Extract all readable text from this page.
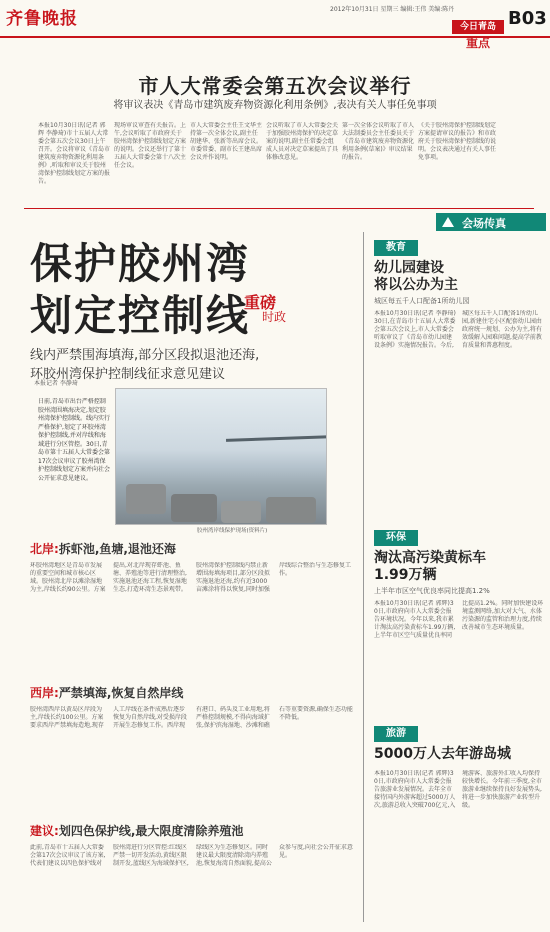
齐鲁晚报	2012年10月31日 星期三 编辑:王伟 美编:陈丹
今日青岛 B03
重点
市人大常委会第五次会议举行
将审议表决《青岛市建筑废弃物资源化利用条例》,表决有关人事任免事项
本报10月30日讯(记者 郭辉 李静琦)市十五届人大常委会第五次会议30日上午召开。会议将审议《青岛市建筑废弃物资源化利用条例》,听取和审议关于胶州湾保护控制线划定方案的报告。
现场审议审查有关报告。上午,会议听取了市政府关于胶州湾保护控制线划定方案的说明。会议还举行了第十五届人大常委会第十八次主任会议。
市人大常委会主任王文华主持第一次全体会议,副主任胡建华、张新等出席会议。市委常委、副市长王建出席会议并作说明。
会议听取了市人大常委会关于加强胶州湾保护的决定草案的说明,副主任常委会组成人员对决定草案提出了具体修改意见。
第一次全体会议听取了市人大法制委员会主任委员关于《青岛市建筑废弃物资源化利用条例(草案)》审议结果的报告。
《关于胶州湾保护控制线划定方案提请审议的报告》和市政府关于胶州湾保护控制线的说明。会议表决通过有关人事任免事项。
保护胶州湾
划定控制线
重磅
时政
线内严禁围海填海,部分区段拟退池还海,
环胶州湾保护控制线征求意见建议
本报记者 李静琦
日前,青岛市出台严格控制胶州湾围填海决定,划定胶州湾保护控制线。线内实行严格保护,划定了环胶州湾保护控制线,并对岸线和海域进行分区管控。30日,青岛市第十五届人大常委会第17次会议审议了胶州湾保护控制线划定方案并向社会公开征求意见建议。
胶州湾岸线保护现场(资料片)
北岸:拆虾池,鱼塘,退池还海
环胶州湾地区是青岛市发展的重要空间和城市核心区域。胶州湾北岸以滩涂湿地为主,岸线长约90公里。方案提出,对北岸现存虾池、鱼塘、养殖池等进行清理整治,实施退池还海工程,恢复湿地生态,打造环湾生态景观带。胶州湾保护控制线内禁止新增围海填海项目,部分区段拟实施退池还海,约有近3000亩滩涂将得以恢复,同时加强岸线综合整治与生态修复工作。
西岸:严禁填海,恢复自然岸线
胶州湾西岸以黄岛区岸段为主,岸线长约100公里。方案要求西岸严禁填海造地,现存人工岸线在条件成熟后逐步恢复为自然岸线,对受损岸段开展生态修复工作。西岸现有港口、码头及工业用地,将严格控制规模,不得向海域扩张,保护滨海湿地、沙滩和礁石等重要资源,确保生态功能不降低。
建议:划四色保护线,最大限度清除养殖池
此前,青岛市十五届人大常委会第17次会议审议了该方案,代表们建议以四色保护线对胶州湾进行分区管控:红线区严禁一切开发活动,黄线区限制开发,蓝线区为海域保护区,绿线区为生态修复区。同时建议最大限度清除湾内养殖池,恢复海湾自然面貌,提高公众参与度,向社会公开征求意见。
会场传真
教育
幼儿园建设
将以公办为主
城区每五千人口配备1所幼儿园
本报10月30日讯(记者 李静琦)30日,在青岛市十五届人大常委会第五次会议上,市人大常委会听取审议了《青岛市幼儿园建设条例》实施情况报告。今后,城区每五千人口配备1所幼儿园,新建住宅小区配套幼儿园由政府统一规划、公办为主,将有效缓解入园难问题,提高学前教育质量和普惠程度。
环保
淘汰高污染黄标车
1.99万辆
上半年市区空气优良率同比提高1.2%
本报10月30日讯(记者 郭辉)30日,市政府向市人大常委会报告环境状况。今年以来,我市累计淘汰高污染黄标车1.99万辆,上半年市区空气质量优良率同比提高1.2%。同时加快建设环境监测网络,加大对大气、水体污染源的监管和治理力度,持续改善城市生态环境质量。
旅游
5000万人去年游岛城
本报10月30日讯(记者 郭辉)30日,市政府向市人大常委会报告旅游业发展情况。去年全市接待国内外游客超过5000万人次,旅游总收入突破700亿元,入境游客、旅游外汇收入均保持较快增长。今年前三季度,全市旅游业继续保持良好发展势头,将进一步加快旅游产业转型升级。
